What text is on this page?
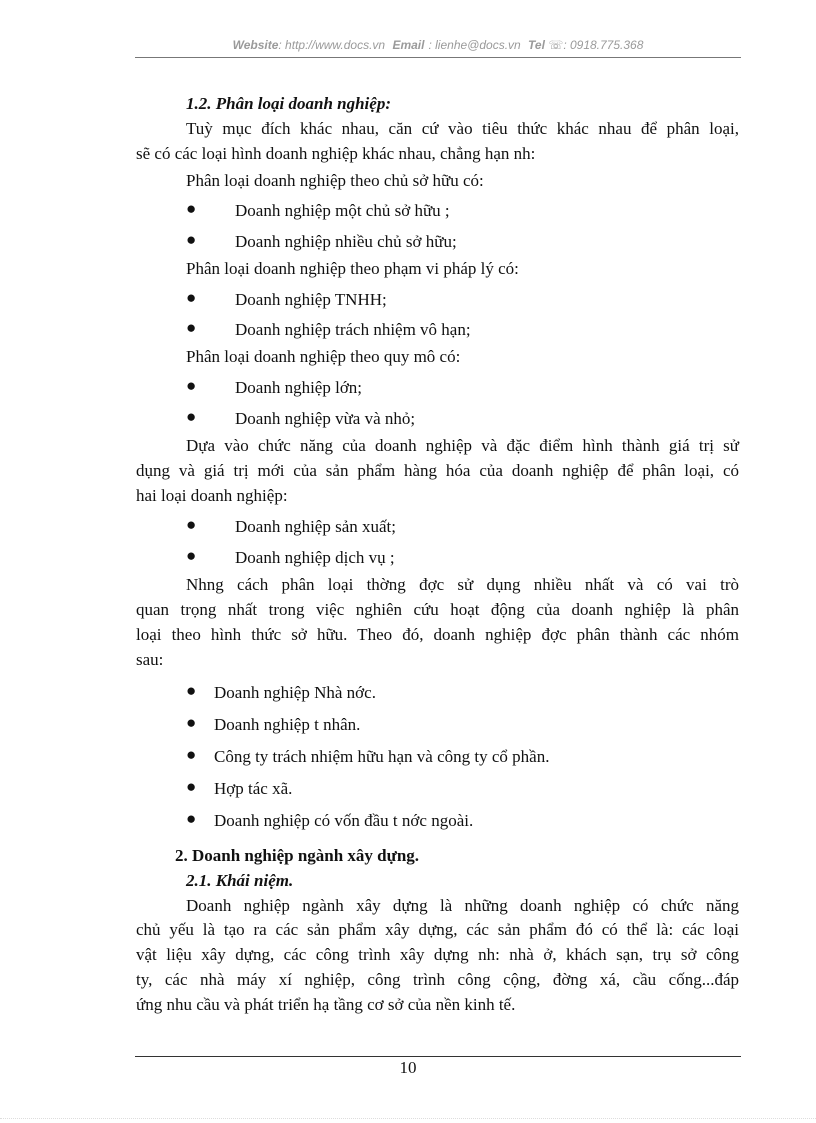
Website: http://www.docs.vn Email : lienhe@docs.vn Tel ☏: 0918.775.368
1.2. Phân loại doanh nghiệp:
Tuỳ mục đích khác nhau, căn cứ vào tiêu thức khác nhau để phân loại,
sẽ có các loại hình doanh nghiệp khác nhau, chẳng hạn nh:
Phân loại doanh nghiệp theo chủ sở hữu có:
● Doanh nghiệp một chủ sở hữu ;
● Doanh nghiệp nhiều chủ sở hữu;
Phân loại doanh nghiệp theo phạm vi pháp lý có:
● Doanh nghiệp TNHH;
● Doanh nghiệp trách nhiệm vô hạn;
Phân loại doanh nghiệp theo quy mô có:
● Doanh nghiệp lớn;
● Doanh nghiệp vừa và nhỏ;
Dựa vào chức năng của doanh nghiệp và đặc điểm hình thành giá trị sử
dụng và giá trị mới của sản phẩm hàng hóa của doanh nghiệp để phân loại, có
hai loại doanh nghiệp:
● Doanh nghiệp sản xuất;
● Doanh nghiệp dịch vụ ;
Nhng cách phân loại thờng đợc sử dụng nhiều nhất và có vai trò
quan trọng nhất trong việc nghiên cứu hoạt động của doanh nghiệp là phân
loại theo hình thức sở hữu. Theo đó, doanh nghiệp đợc phân thành các nhóm
sau:
● Doanh nghiệp Nhà nớc.
● Doanh nghiệp t nhân.
● Công ty trách nhiệm hữu hạn và công ty cổ phần.
● Hợp tác xã.
● Doanh nghiệp có vốn đầu t nớc ngoài.
2. Doanh nghiệp ngành xây dựng.
2.1. Khái niệm.
Doanh nghiệp ngành xây dựng là những doanh nghiệp có chức năng
chủ yếu là tạo ra các sản phẩm xây dựng, các sản phẩm đó có thể là: các loại
vật liệu xây dựng, các công trình xây dựng nh: nhà ở, khách sạn, trụ sở công
ty, các nhà máy xí nghiệp, công trình công cộng, đờng xá, cầu cống...đáp
ứng nhu cầu và phát triển hạ tầng cơ sở của nền kinh tế.
10
